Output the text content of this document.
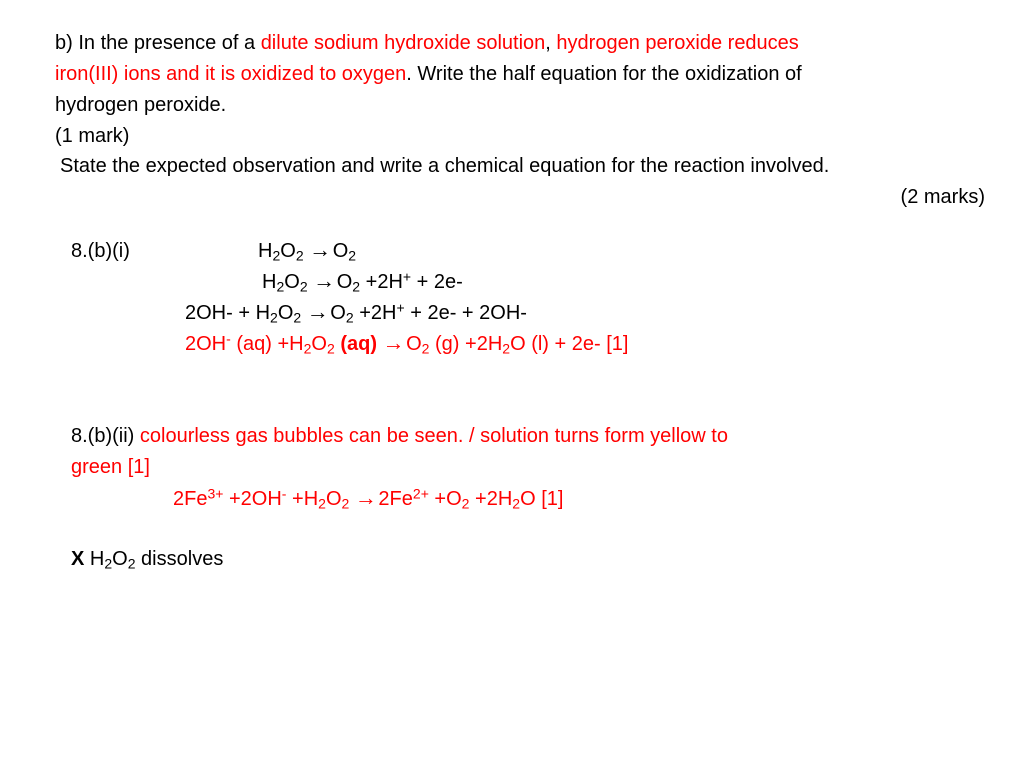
b) In the presence of a dilute sodium hydroxide solution, hydrogen peroxide reduces
iron(III) ions and it is oxidized to oxygen. Write the half equation for the oxidization of
hydrogen peroxide.
(1 mark)
State the expected observation and write a chemical equation for the reaction involved.
(2 marks)
8.(b)(i)	$H_2O_2 \to O_2$
$H_2O_2 \to O_2 +2H^+ + 2e-$
$2OH- + H_2O_2 \to O_2 +2H^+ + 2e- + 2OH-$
2OH- $(aq) +H_2O_2$ $(aq) \to O_2$ $(g) +2H_2O$ (l) + 2e- [1]
8.(b)(ii) colourless gas bubbles can be seen. / solution turns form yellow to
green [1]
$2Fe^{3+} +2OH^- +H_2O_2 \to 2Fe^{2+} +O_2 +2H_2O$ [1]
X $H_2O_2$ dissolves
